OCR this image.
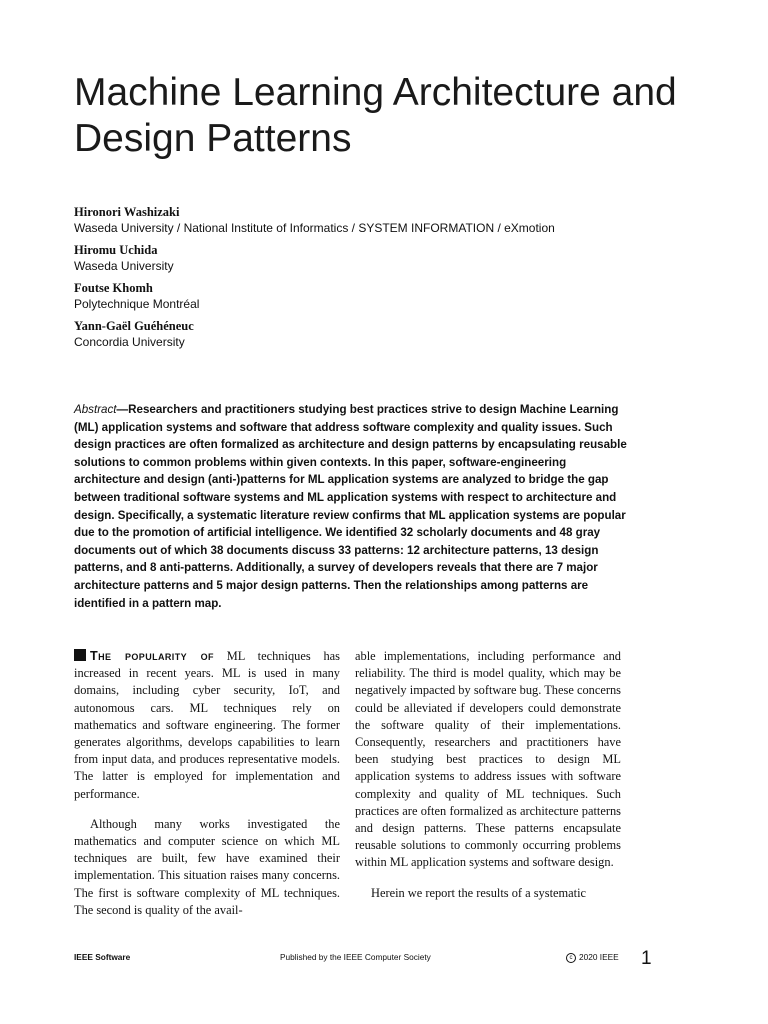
Machine Learning Architecture and Design Patterns
Hironori Washizaki
Waseda University / National Institute of Informatics / SYSTEM INFORMATION / eXmotion
Hiromu Uchida
Waseda University
Foutse Khomh
Polytechnique Montréal
Yann-Gaël Guéhéneuc
Concordia University

Abstract—Researchers and practitioners studying best practices strive to design Machine Learning (ML) application systems and software that address software complexity and quality issues. Such design practices are often formalized as architecture and design patterns by encapsulating reusable solutions to common problems within given contexts. In this paper, software-engineering architecture and design (anti-)patterns for ML application systems are analyzed to bridge the gap between traditional software systems and ML application systems with respect to architecture and design. Specifically, a systematic literature review confirms that ML application systems are popular due to the promotion of artificial intelligence. We identified 32 scholarly documents and 48 gray documents out of which 38 documents discuss 33 patterns: 12 architecture patterns, 13 design patterns, and 8 anti-patterns. Additionally, a survey of developers reveals that there are 7 major architecture patterns and 5 major design patterns. Then the relationships among patterns are identified in a pattern map.

The popularity of ML techniques has increased in recent years. ML is used in many domains, including cyber security, IoT, and autonomous cars. ML techniques rely on mathematics and software engineering. The former generates algorithms, develops capabilities to learn from input data, and produces representative models. The latter is employed for implementation and performance.

Although many works investigated the mathematics and computer science on which ML techniques are built, few have examined their implementation. This situation raises many concerns. The first is software complexity of ML techniques. The second is quality of the avail-

able implementations, including performance and reliability. The third is model quality, which may be negatively impacted by software bug. These concerns could be alleviated if developers could demonstrate the software quality of their implementations. Consequently, researchers and practitioners have been studying best practices to design ML application systems to address issues with software complexity and quality of ML techniques. Such practices are often formalized as architecture patterns and design patterns. These patterns encapsulate reusable solutions to commonly occurring problems within ML application systems and software design.

Herein we report the results of a systematic

IEEE Software	Published by the IEEE Computer Society	c 2020 IEEE 1
